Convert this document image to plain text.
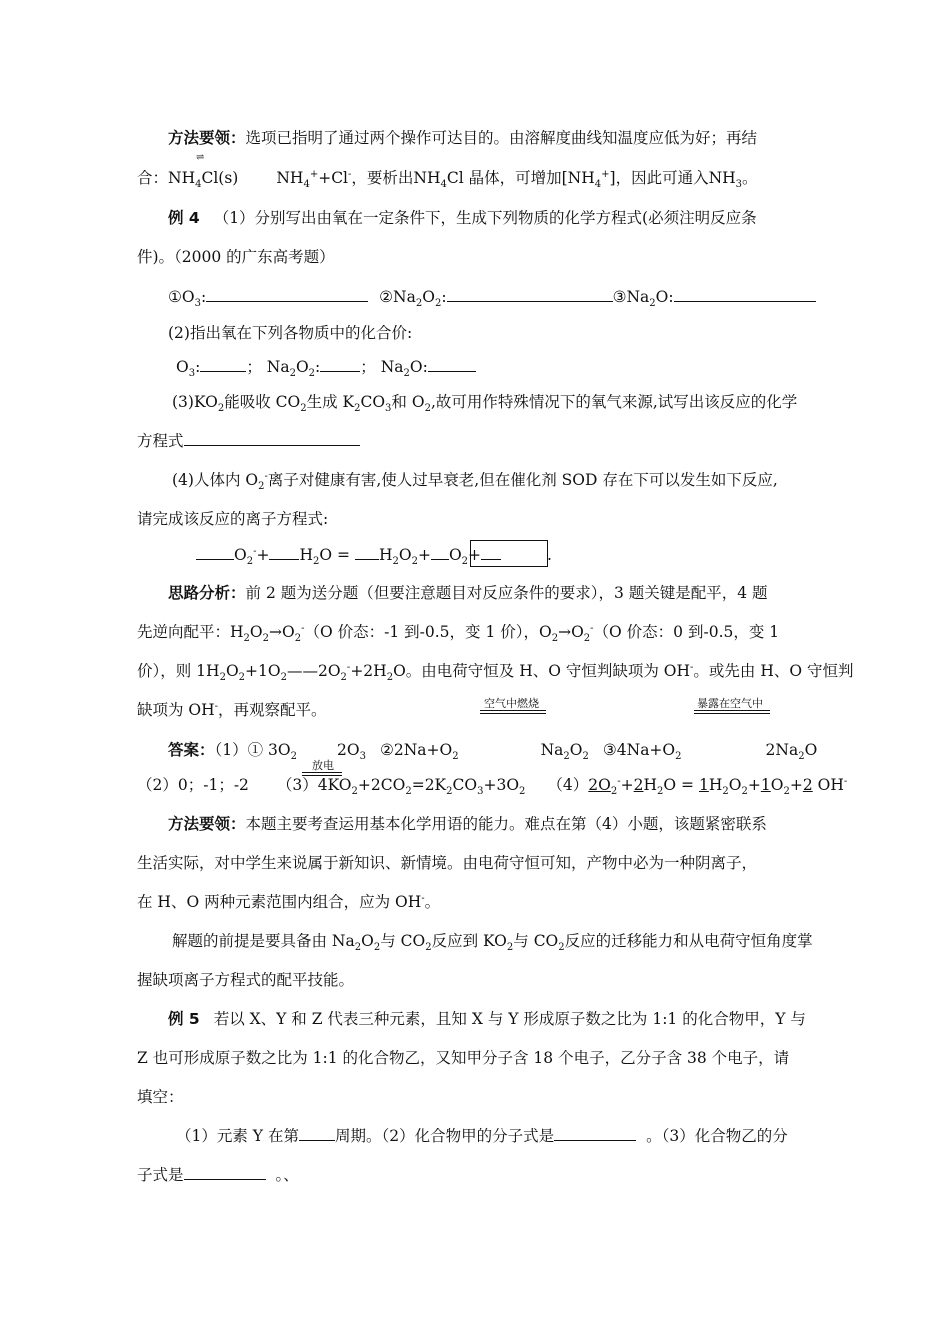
方法要领：选项已指明了通过两个操作可达目的。由溶解度曲线知温度应低为好；再结
⇌
合：$NH_4Cl(s)$ $NH_4^++Cl^-$，要析出$NH_4Cl$ 晶体，可增加$[NH_4^+]$，因此可通入$NH_3$。
例 4 （1）分别写出由氧在一定条件下，生成下列物质的化学方程式(必须注明反应条
件)。（2000 的广东高考题）
$①O_3$:	$②Na_2O_2$:	$③Na_2O$:
(2)指出氧在下列各物质中的化合价:
$O_3$:	； $Na_2O_2$:	； $Na_2O$:
$(3)KO_2$能吸收 $CO_2$生成 $K_2CO_3$和 $O_2$,故可用作特殊情况下的氧气来源,试写出该反应的化学
方程式
(4)人体内 $O_2^-$离子对健康有害,使人过早衰老,但在催化剂 SOD 存在下可以发生如下反应,
请完成该反应的离子方程式:
$O_2^-+ H_2O = H_2O_2+ O_2+$	.
思路分析：前 2 题为送分题（但要注意题目对反应条件的要求），3 题关键是配平，4 题
先逆向配平：$H_2O_2\to O_2^-(O$ 价态：-1 到-0.5，变 1 价），$O_2\to O_2^-(O$ 价态：0 到-0.5，变 1
价），则 $1H_2O_2+1O_2——2O_2^-+2H_2O$。由电荷守恒及 H、O 守恒判缺项为 OH-。或先由 H、O 守恒判
缺项为 OH-，再观察配平。	空气中燃烧	暴露在空气中
答案：（1）① $3O_2$	$2O_3$ $②2Na+O_2$	$Na_2O_2$ $③4Na+O_2$	$2Na_2O$
放电
（2）0；-1；-2 $(3)4KO_2+2CO_2=2K_2CO_3+3O_2$ $(4)2O_2^-+2H_2O = 1H_2O_2+1O_2+2$ OH-
方法要领：本题主要考查运用基本化学用语的能力。难点在第（4）小题，该题紧密联系
生活实际，对中学生来说属于新知识、新情境。由电荷守恒可知，产物中必为一种阴离子，
在 H、O 两种元素范围内组合，应为 OH-。
解题的前提是要具备由 $Na_2O_2$与 $CO_2$反应到 $KO_2$与 $CO_2$反应的迁移能力和从电荷守恒角度掌
握缺项离子方程式的配平技能。
例 5 若以 X、Y 和 Z 代表三种元素，且知 X 与 Y 形成原子数之比为 1:1 的化合物甲，Y 与
Z 也可形成原子数之比为 1:1 的化合物乙，又知甲分子含 18 个电子，乙分子含 38 个电子，请
填空：
（1）元素 Y 在第 周期。（2）化合物甲的分子式是	。（3）化合物乙的分
子式是	。、
